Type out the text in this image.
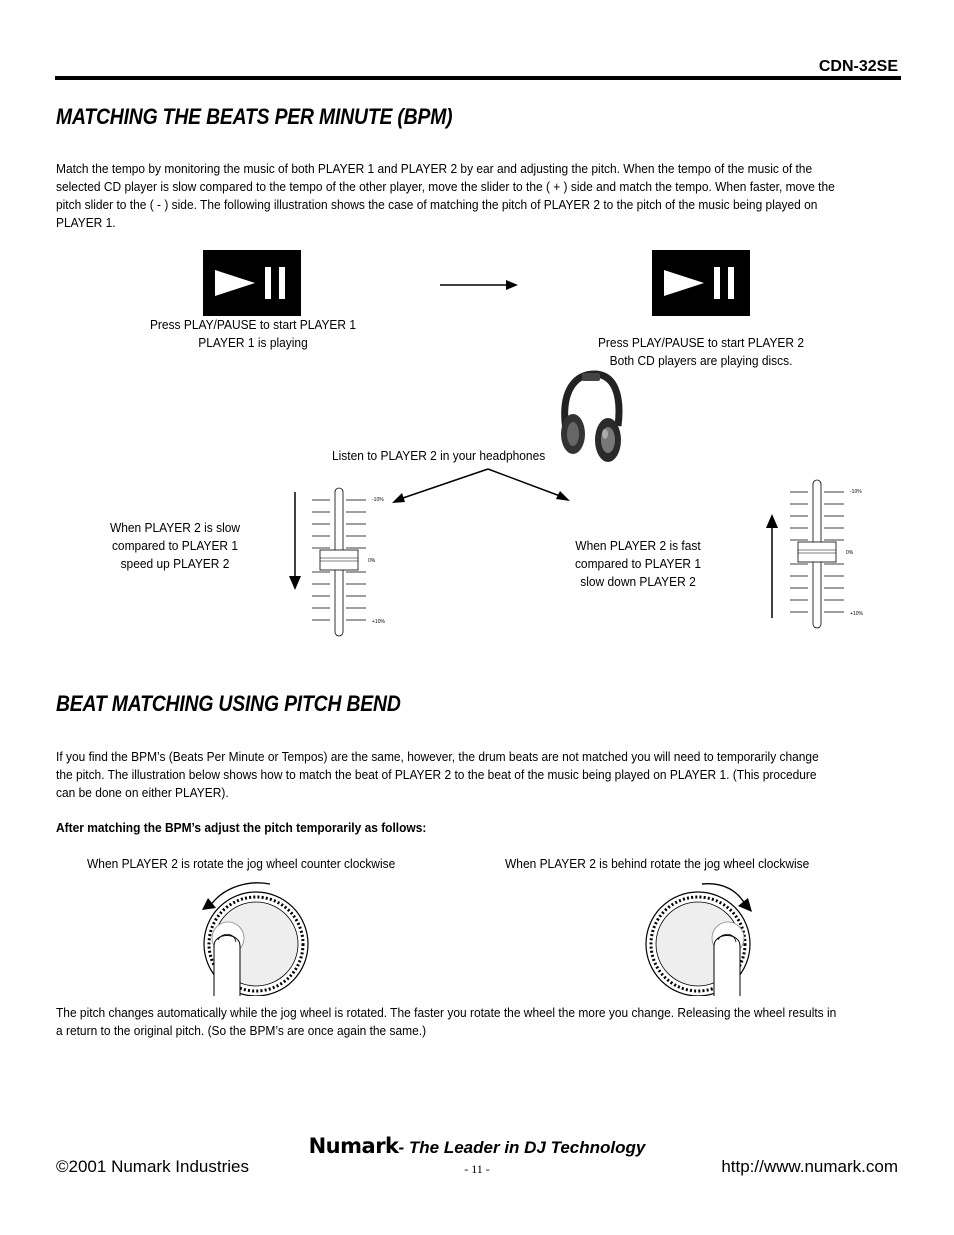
CDN-32SE
MATCHING THE BEATS PER MINUTE (BPM)
Match the tempo by monitoring the music of both PLAYER 1 and PLAYER 2 by ear and adjusting the pitch. When the tempo of the music of the selected CD player is slow compared to the tempo of the other player, move the slider to the ( + ) side and match the tempo. When faster, move the pitch slider to the ( - ) side. The following illustration shows the case of matching the pitch of PLAYER 2 to the pitch of the music being played on PLAYER 1.
Press PLAY/PAUSE to start PLAYER 1
PLAYER 1 is playing	Press PLAY/PAUSE to start PLAYER 2
Both CD players are playing discs.
Listen to PLAYER 2 in your headphones
When PLAYER 2 is slow
compared to PLAYER 1
speed up PLAYER 2
-10%
0%
+10%
When PLAYER 2 is fast
compared to PLAYER 1
slow down PLAYER 2
-10%
0%
+10%
BEAT MATCHING USING PITCH BEND
If you find the BPM’s (Beats Per Minute or Tempos) are the same, however, the drum beats are not matched you will need to temporarily change the pitch. The illustration below shows how to match the beat of PLAYER 2 to the beat of the music being played on PLAYER 1. (This procedure can be done on either PLAYER).
After matching the BPM’s adjust the pitch temporarily as follows:
When PLAYER 2 is rotate the jog wheel counter clockwise	When PLAYER 2 is behind rotate the jog wheel clockwise
The pitch changes automatically while the jog wheel is rotated. The faster you rotate the wheel the more you change. Releasing the wheel results in a return to the original pitch. (So the BPM’s are once again the same.)
Numark- The Leader in DJ Technology
©2001 Numark Industries	- 11 -	http://www.numark.com
